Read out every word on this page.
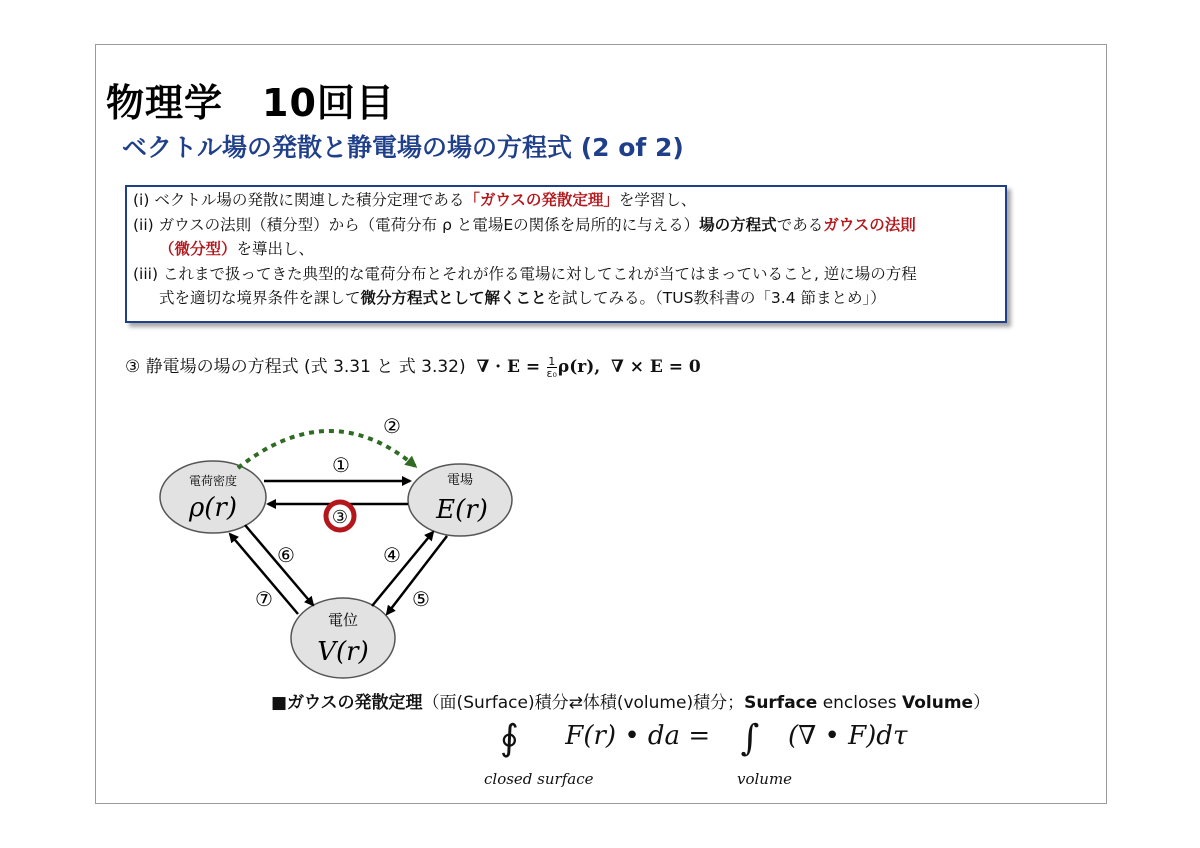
物理学　10回目
ベクトル場の発散と静電場の場の方程式 (2 of 2)
(i) ベクトル場の発散に関連した積分定理である「ガウスの発散定理」を学習し、
(ii) ガウスの法則（積分型）から（電荷分布 ρ と電場Eの関係を局所的に与える）場の方程式であるガウスの法則
（微分型）を導出し、
(iii) これまで扱ってきた典型的な電荷分布とそれが作る電場に対してこれが当てはまっていること, 逆に場の方程
式を適切な境界条件を課して微分方程式として解くことを試してみる。（TUS教科書の「3.4 節まとめ」）
③ 静電場の場の方程式 (式 3.31 と 式 3.32) ∇ · $E = \frac{1}{\text{ε₀}} \rho(r)$, ∇ × E = 0
電荷密度
ρ(r)
電場
E(r)
電位
V(r)
①
②
③
④
⑤
⑥
⑦
■ガウスの発散定理（面(Surface)積分⇄体積(volume)積分；Surface encloses Volume）
∮ F(r) • da = ∫ (∇ • F)dτ
closed surface	volume
